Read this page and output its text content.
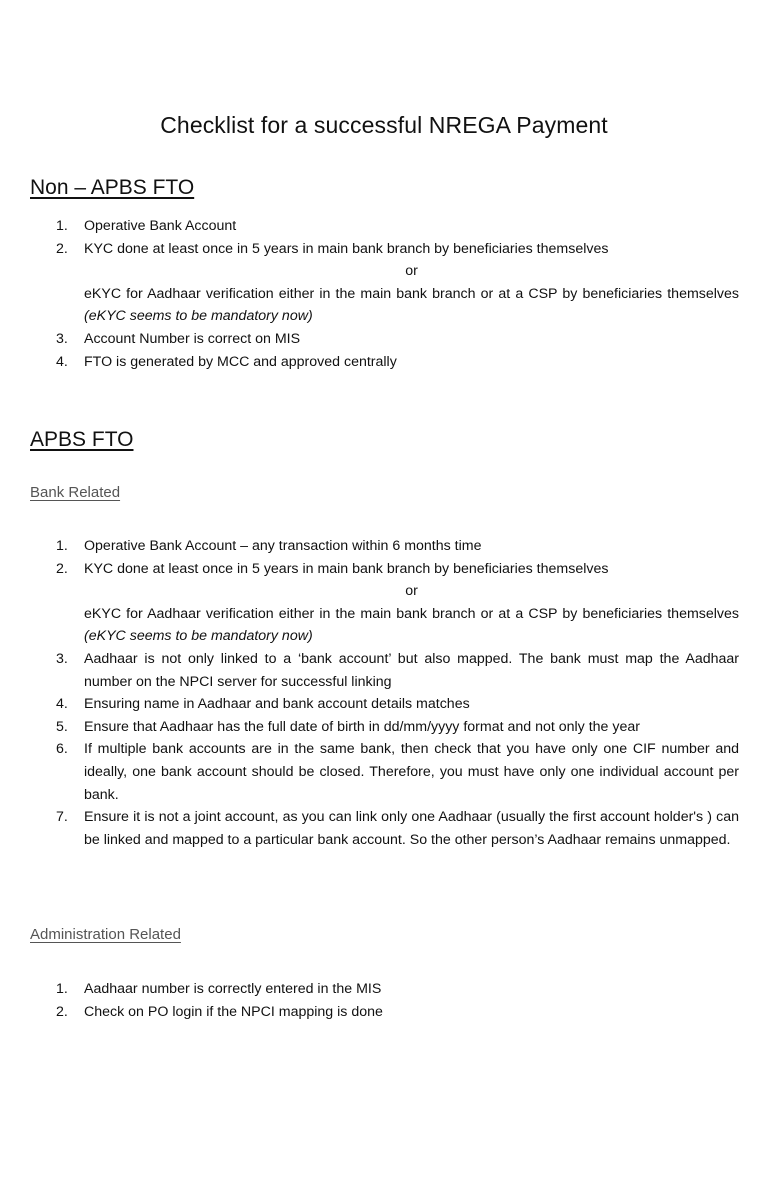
Checklist for a successful NREGA Payment
Non – APBS FTO
1. Operative Bank Account
2. KYC done at least once in 5 years in main bank branch by beneficiaries themselves
or
eKYC for Aadhaar verification either in the main bank branch or at a CSP by beneficiaries themselves (eKYC seems to be mandatory now)
3. Account Number is correct on MIS
4. FTO is generated by MCC and approved centrally
APBS FTO
Bank Related
1. Operative Bank Account – any transaction within 6 months time
2. KYC done at least once in 5 years in main bank branch by beneficiaries themselves
or
eKYC for Aadhaar verification either in the main bank branch or at a CSP by beneficiaries themselves (eKYC seems to be mandatory now)
3. Aadhaar is not only linked to a ‘bank account’ but also mapped. The bank must map the Aadhaar number on the NPCI server for successful linking
4. Ensuring name in Aadhaar and bank account details matches
5. Ensure that Aadhaar has the full date of birth in dd/mm/yyyy format and not only the year
6. If multiple bank accounts are in the same bank, then check that you have only one CIF number and ideally, one bank account should be closed. Therefore, you must have only one individual account per bank.
7. Ensure it is not a joint account, as you can link only one Aadhaar (usually the first account holder's ) can be linked and mapped to a particular bank account. So the other person’s Aadhaar remains unmapped.
Administration Related
1. Aadhaar number is correctly entered in the MIS
2. Check on PO login if the NPCI mapping is done
